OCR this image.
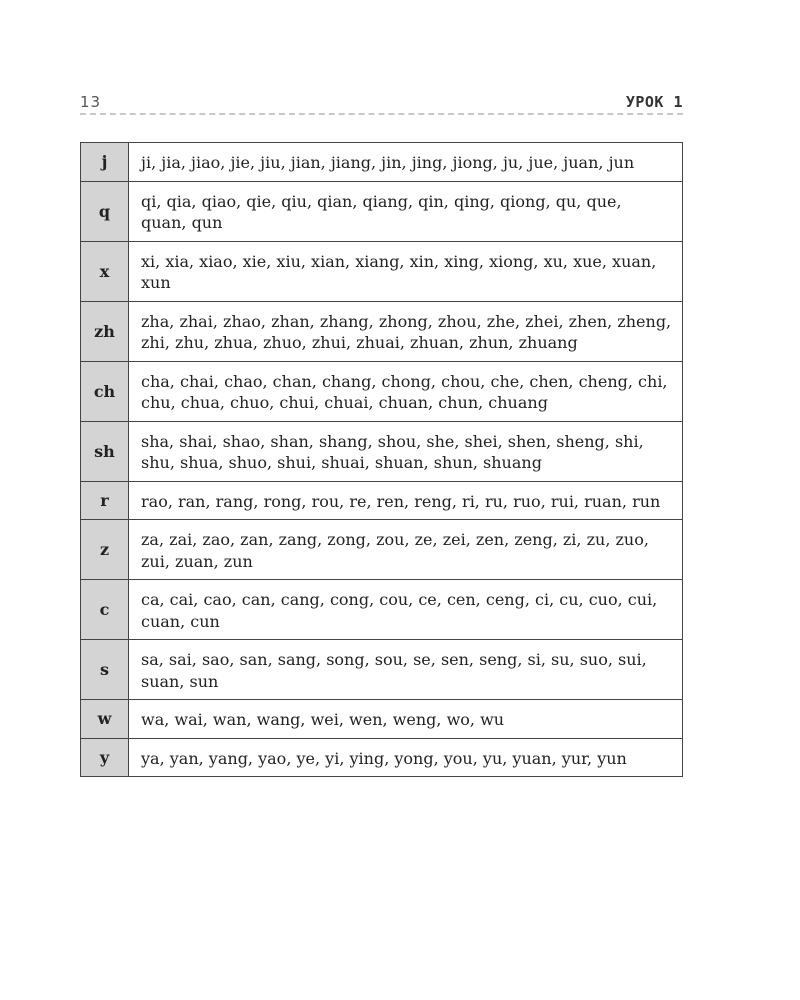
13	УРОК 1
j	ji, jia, jiao, jie, jiu, jian, jiang, jin, jing, jiong, ju, jue, juan, jun
q	qi, qia, qiao, qie, qiu, qian, qiang, qin, qing, qiong, qu, que, quan, qun
x	xi, xia, xiao, xie, xiu, xian, xiang, xin, xing, xiong, xu, xue, xuan, xun
zh	zha, zhai, zhao, zhan, zhang, zhong, zhou, zhe, zhei, zhen, zheng, zhi, zhu, zhua, zhuo, zhui, zhuai, zhuan, zhun, zhuang
ch	cha, chai, chao, chan, chang, chong, chou, che, chen, cheng, chi, chu, chua, chuo, chui, chuai, chuan, chun, chuang
sh	sha, shai, shao, shan, shang, shou, she, shei, shen, sheng, shi, shu, shua, shuo, shui, shuai, shuan, shun, shuang
r	rao, ran, rang, rong, rou, re, ren, reng, ri, ru, ruo, rui, ruan, run
z	za, zai, zao, zan, zang, zong, zou, ze, zei, zen, zeng, zi, zu, zuo, zui, zuan, zun
c	ca, cai, cao, can, cang, cong, cou, ce, cen, ceng, ci, cu, cuo, cui, cuan, cun
s	sa, sai, sao, san, sang, song, sou, se, sen, seng, si, su, suo, sui, suan, sun
w	wa, wai, wan, wang, wei, wen, weng, wo, wu
y	ya, yan, yang, yao, ye, yi, ying, yong, you, yu, yuan, yur, yun
